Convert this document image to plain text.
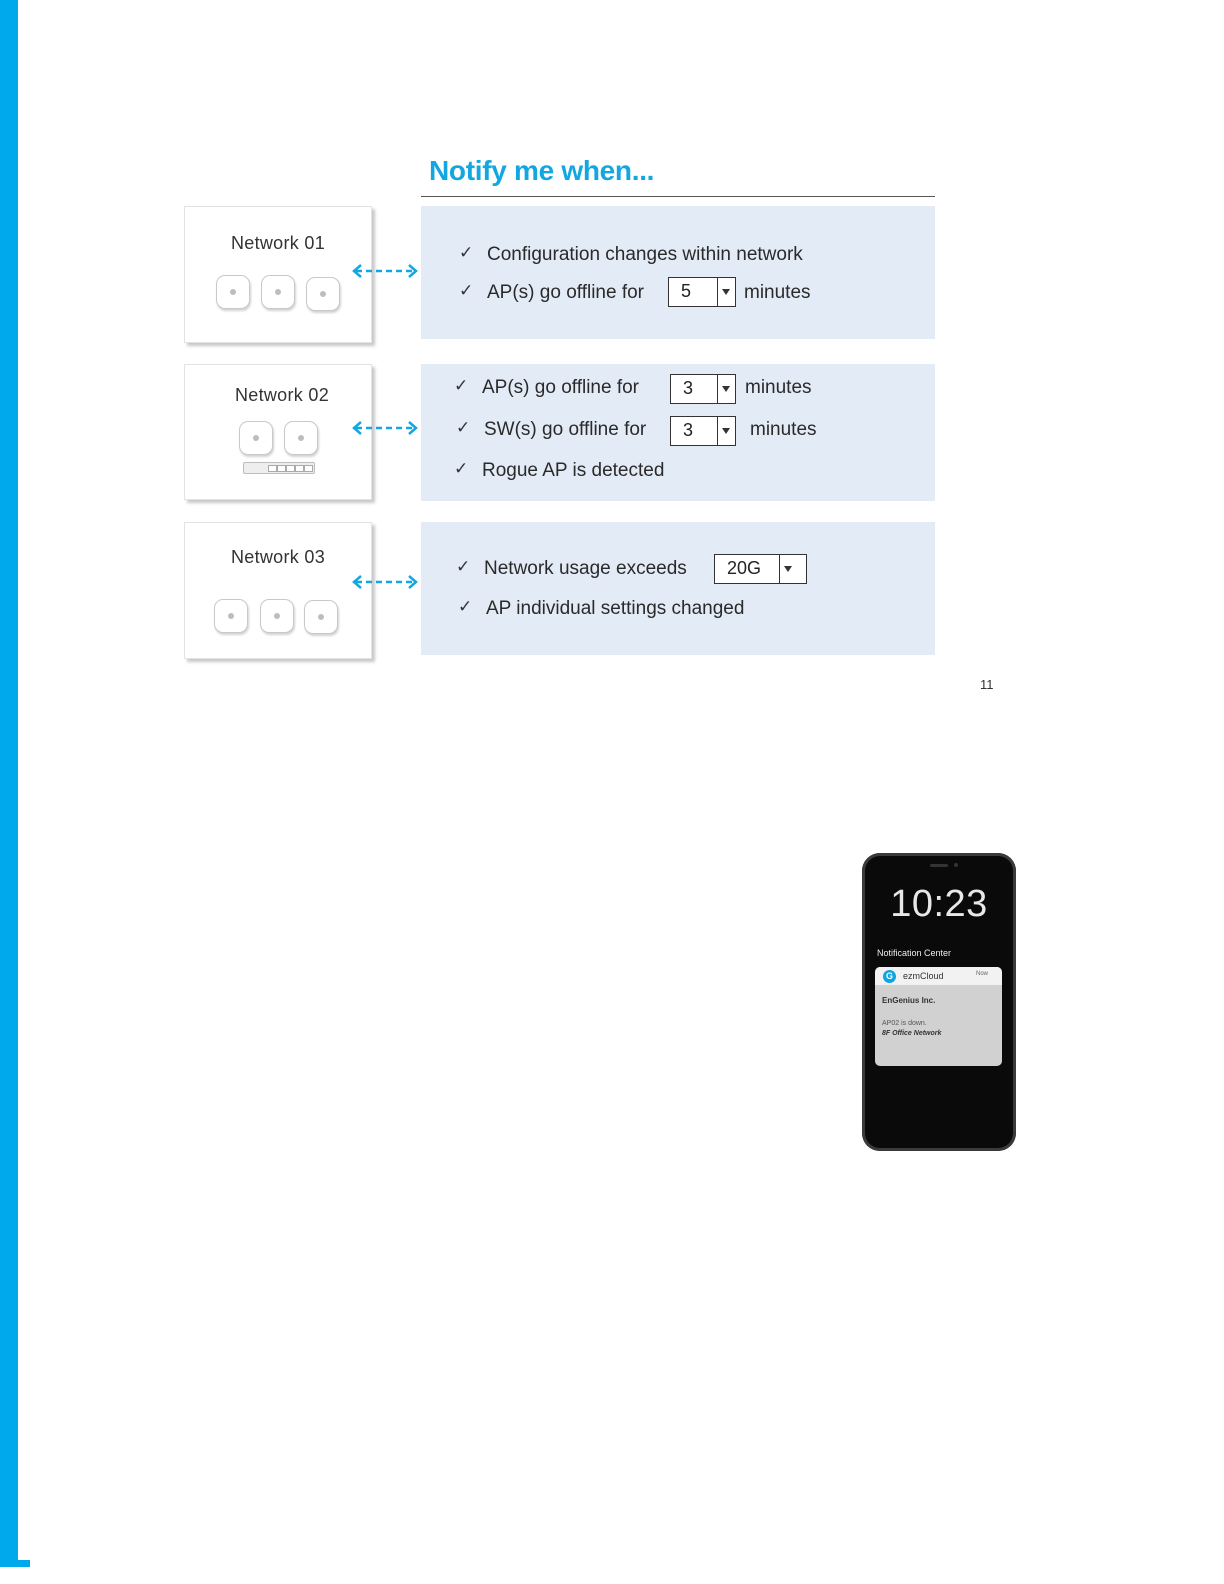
Notify me when...
Network 01
Network 02
Network 03
✓ Configuration changes within network
✓ AP(s) go offline for 5	minutes
✓ AP(s) go offline for 3	minutes
✓ SW(s) go offline for 3	minutes
✓ Rogue AP is detected
✓ Network usage exceeds 20G
✓ AP individual settings changed
11
10:23
Notification Center
G	ezmCloud	Now
EnGenius Inc.
AP02 is down.
8F Office Network
